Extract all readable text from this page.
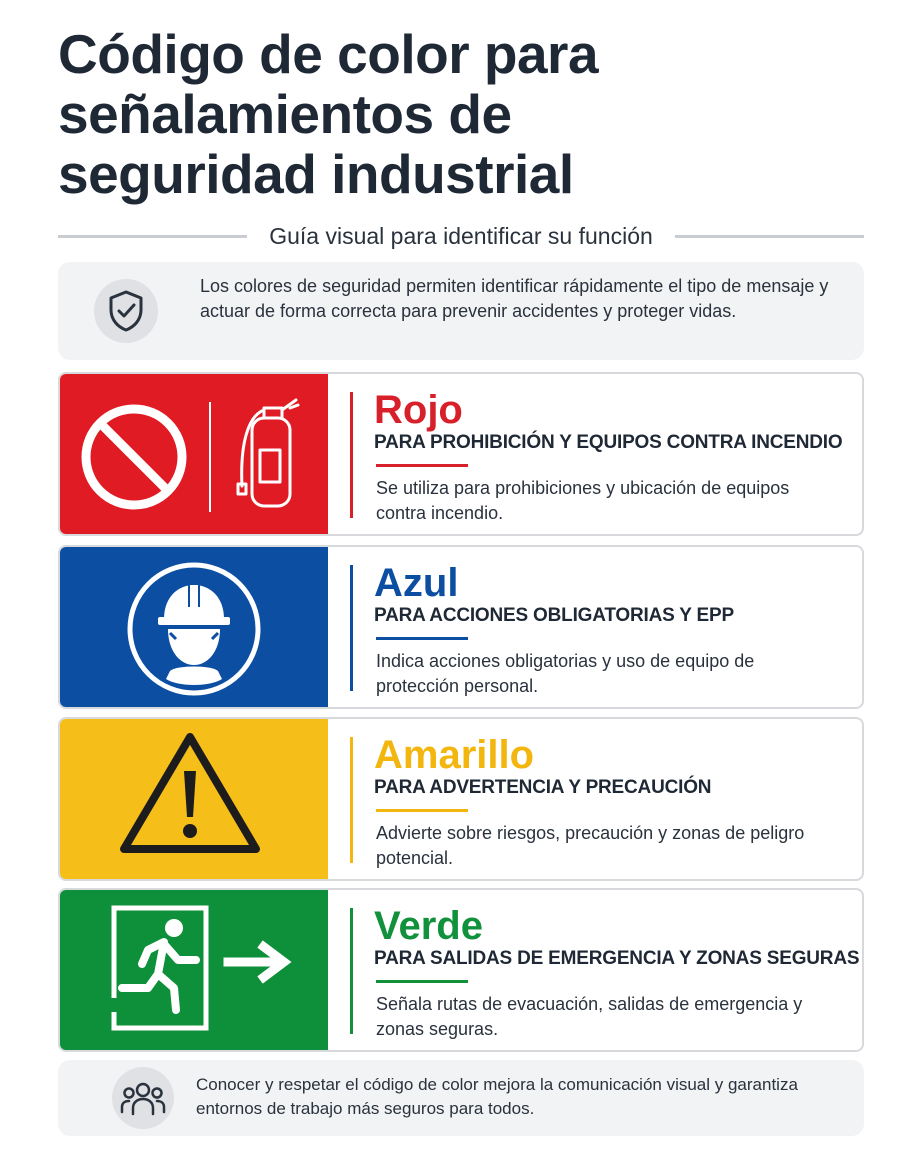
Código de color para
señalamientos de
seguridad industrial
Guía visual para identificar su función

Los colores de seguridad permiten identificar rápidamente el tipo de mensaje y actuar de forma correcta para prevenir accidentes y proteger vidas.

Rojo
PARA PROHIBICIÓN Y EQUIPOS CONTRA INCENDIO

Se utiliza para prohibiciones y ubicación de equipos contra incendio.

Azul
PARA ACCIONES OBLIGATORIAS Y EPP

Indica acciones obligatorias y uso de equipo de protección personal.

Amarillo
PARA ADVERTENCIA Y PRECAUCIÓN

Advierte sobre riesgos, precaución y zonas de peligro potencial.

Verde
PARA SALIDAS DE EMERGENCIA Y ZONAS SEGURAS

Señala rutas de evacuación, salidas de emergencia y zonas seguras.

Conocer y respetar el código de color mejora la comunicación visual y garantiza entornos de trabajo más seguros para todos.
